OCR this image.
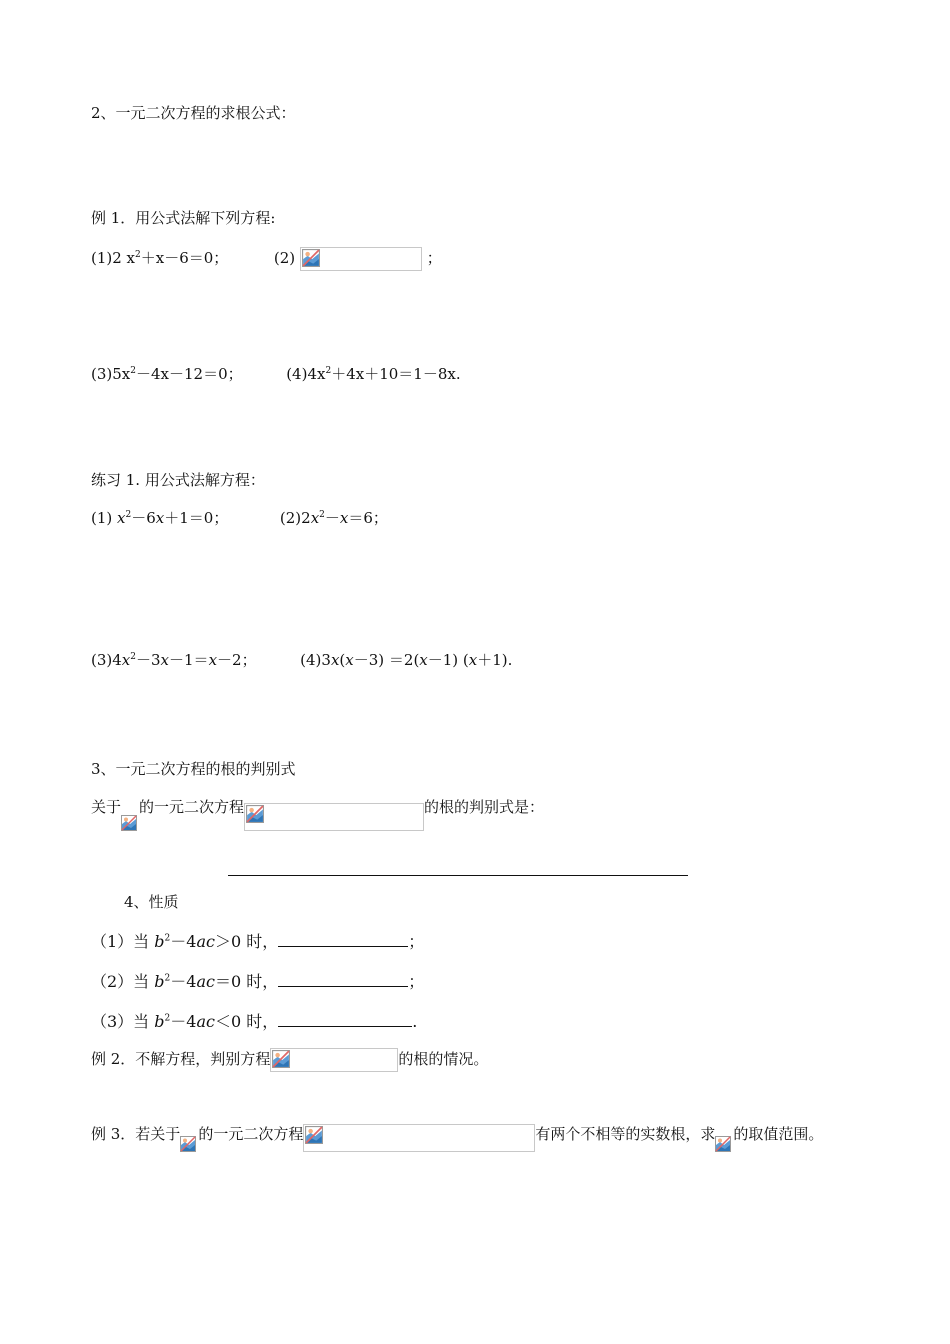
2、一元二次方程的求根公式：
例 1．用公式法解下列方程:
(1)2 $x^2+x-6=0$；	(2)	；
$(3)5x^2-4x-12=0$；	$(4)4x^2+4x+10=1-8x$.
练习 1. 用公式法解方程：
(1) $x^2-6x+1=0$；	$(2)2x^2-x=6$；
$(3)4x^2-3x-1=x-2$；	(4)3x(x－3) ＝2(x－1) (x＋1).
3、一元二次方程的根的判别式
关于 的一元二次方程	的根的判别式是：
4、性质
（1）当 $b^2-4ac>0$ 时，	；
（2）当 $b^2-4ac=0$ 时，	；
（3）当 $b^2-4ac<0$ 时，	.
例 2．不解方程，判别方程	的根的情况。
例 3．若关于 的一元二次方程	有两个不相等的实数根，求 的取值范围。
